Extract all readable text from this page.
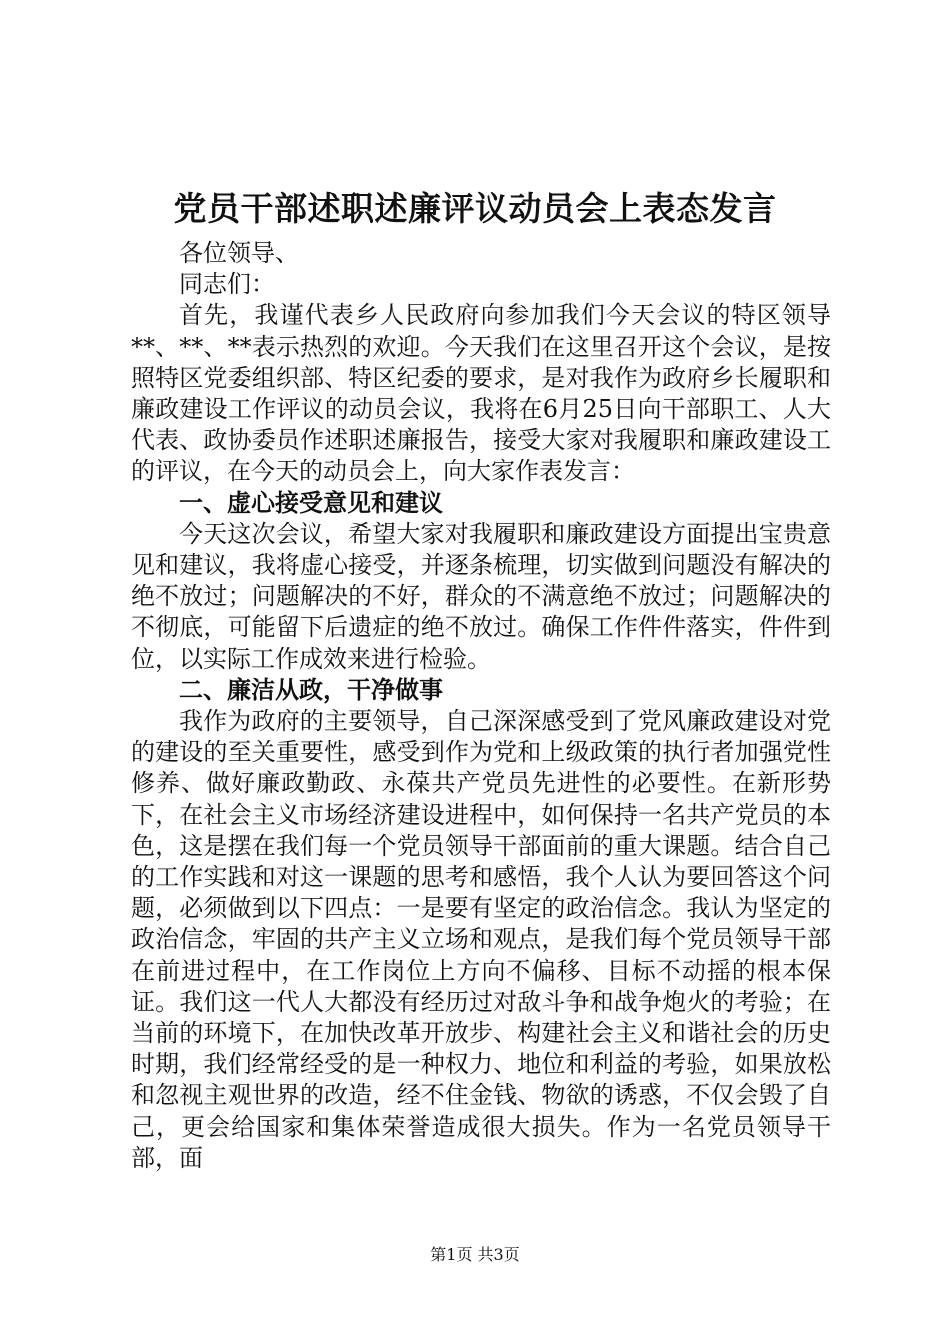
党员干部述职述廉评议动员会上表态发言

各位领导、

同志们：

首先，我谨代表乡人民政府向参加我们今天会议的特区领导**、**、**表示热烈的欢迎。今天我们在这里召开这个会议，是按照特区党委组织部、特区纪委的要求，是对我作为政府乡长履职和廉政建设工作评议的动员会议，我将在6月25日向干部职工、人大代表、政协委员作述职述廉报告，接受大家对我履职和廉政建设工的评议，在今天的动员会上，向大家作表发言：

一、虚心接受意见和建议

今天这次会议，希望大家对我履职和廉政建设方面提出宝贵意见和建议，我将虚心接受，并逐条梳理，切实做到问题没有解决的绝不放过；问题解决的不好，群众的不满意绝不放过；问题解决的不彻底，可能留下后遗症的绝不放过。确保工作件件落实，件件到位，以实际工作成效来进行检验。

二、廉洁从政，干净做事

我作为政府的主要领导，自己深深感受到了党风廉政建设对党的建设的至关重要性，感受到作为党和上级政策的执行者加强党性修养、做好廉政勤政、永葆共产党员先进性的必要性。在新形势下，在社会主义市场经济建设进程中，如何保持一名共产党员的本色，这是摆在我们每一个党员领导干部面前的重大课题。结合自己的工作实践和对这一课题的思考和感悟，我个人认为要回答这个问题，必须做到以下四点：一是要有坚定的政治信念。我认为坚定的政治信念，牢固的共产主义立场和观点，是我们每个党员领导干部在前进过程中，在工作岗位上方向不偏移、目标不动摇的根本保证。我们这一代人大都没有经历过对敌斗争和战争炮火的考验；在当前的环境下，在加快改革开放步、构建社会主义和谐社会的历史时期，我们经常经受的是一种权力、地位和利益的考验，如果放松和忽视主观世界的改造，经不住金钱、物欲的诱惑，不仅会毁了自己，更会给国家和集体荣誉造成很大损失。作为一名党员领导干部，面

第1页 共3页
